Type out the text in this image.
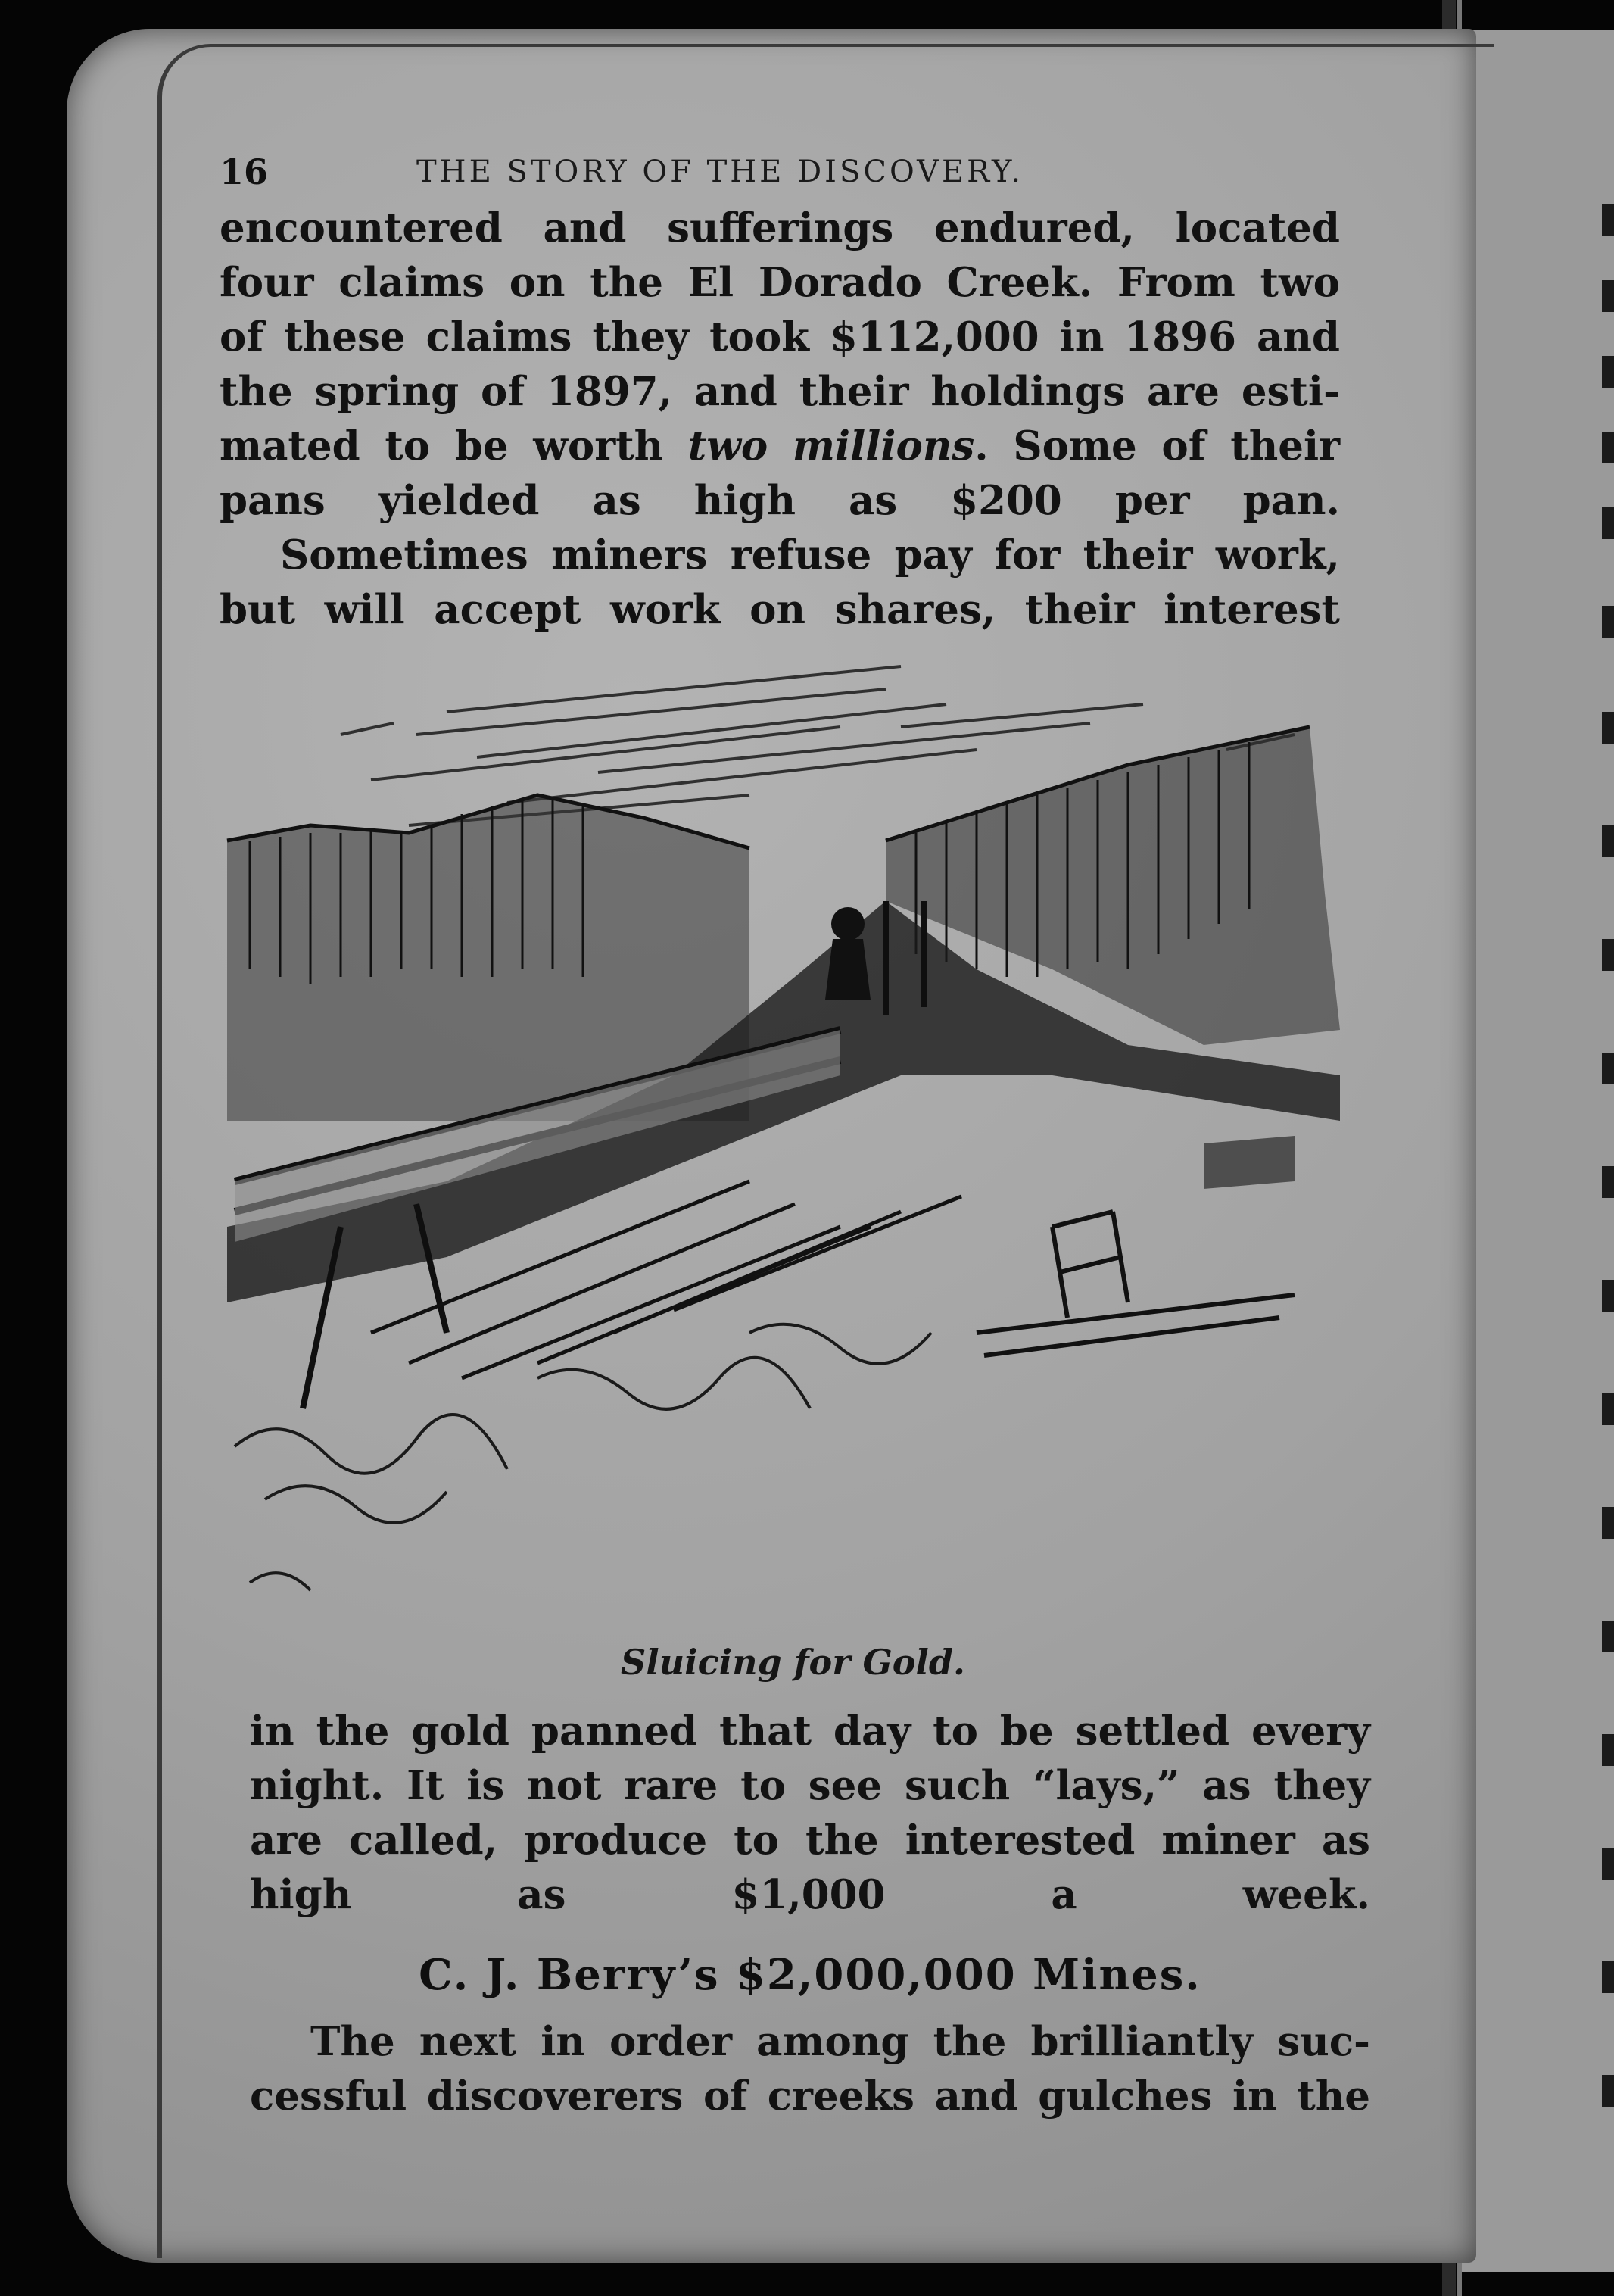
16	THE STORY OF THE DISCOVERY.
encountered and sufferings endured, located
four claims on the El Dorado Creek. From two
of these claims they took $112,000 in 1896 and
the spring of 1897, and their holdings are esti-
mated to be worth two millions. Some of their
pans yielded as high as $200 per pan.
Sometimes miners refuse pay for their work,
but will accept work on shares, their interest
Sluicing for Gold.
in the gold panned that day to be settled every
night. It is not rare to see such “lays,” as they
are called, produce to the interested miner as
high as $1,000 a week.
C. J. Berry’s $2,000,000 Mines.
The next in order among the brilliantly suc-
cessful discoverers of creeks and gulches in the
